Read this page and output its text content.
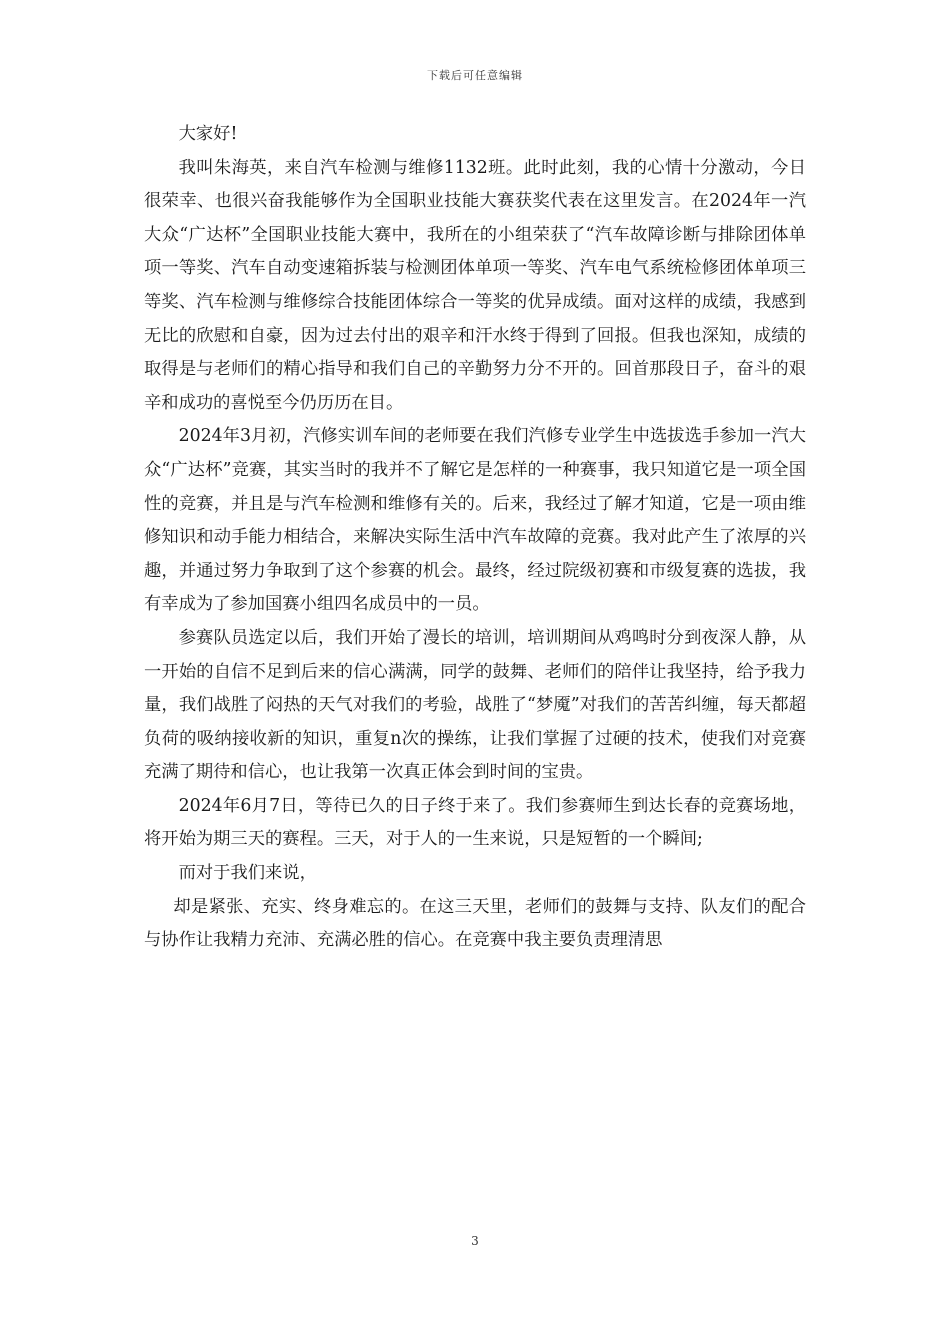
下载后可任意编辑

大家好!

我叫朱海英，来自汽车检测与维修1132班。此时此刻，我的心情十分激动，今日很荣幸、也很兴奋我能够作为全国职业技能大赛获奖代表在这里发言。在2024年一汽大众“广达杯”全国职业技能大赛中，我所在的小组荣获了“汽车故障诊断与排除团体单项一等奖、汽车自动变速箱拆装与检测团体单项一等奖、汽车电气系统检修团体单项三等奖、汽车检测与维修综合技能团体综合一等奖的优异成绩。面对这样的成绩，我感到无比的欣慰和自豪，因为过去付出的艰辛和汗水终于得到了回报。但我也深知，成绩的取得是与老师们的精心指导和我们自己的辛勤努力分不开的。回首那段日子，奋斗的艰辛和成功的喜悦至今仍历历在目。

2024年3月初，汽修实训车间的老师要在我们汽修专业学生中选拔选手参加一汽大众“广达杯”竞赛，其实当时的我并不了解它是怎样的一种赛事，我只知道它是一项全国性的竞赛，并且是与汽车检测和维修有关的。后来，我经过了解才知道，它是一项由维修知识和动手能力相结合，来解决实际生活中汽车故障的竞赛。我对此产生了浓厚的兴趣，并通过努力争取到了这个参赛的机会。最终，经过院级初赛和市级复赛的选拔，我有幸成为了参加国赛小组四名成员中的一员。

参赛队员选定以后，我们开始了漫长的培训，培训期间从鸡鸣时分到夜深人静，从一开始的自信不足到后来的信心满满，同学的鼓舞、老师们的陪伴让我坚持，给予我力量，我们战胜了闷热的天气对我们的考验，战胜了“梦魇”对我们的苦苦纠缠，每天都超负荷的吸纳接收新的知识，重复n次的操练，让我们掌握了过硬的技术，使我们对竞赛充满了期待和信心，也让我第一次真正体会到时间的宝贵。

2024年6月7日，等待已久的日子终于来了。我们参赛师生到达长春的竞赛场地，将开始为期三天的赛程。三天，对于人的一生来说，只是短暂的一个瞬间;

而对于我们来说，

却是紧张、充实、终身难忘的。在这三天里，老师们的鼓舞与支持、队友们的配合与协作让我精力充沛、充满必胜的信心。在竞赛中我主要负责理清思

3
